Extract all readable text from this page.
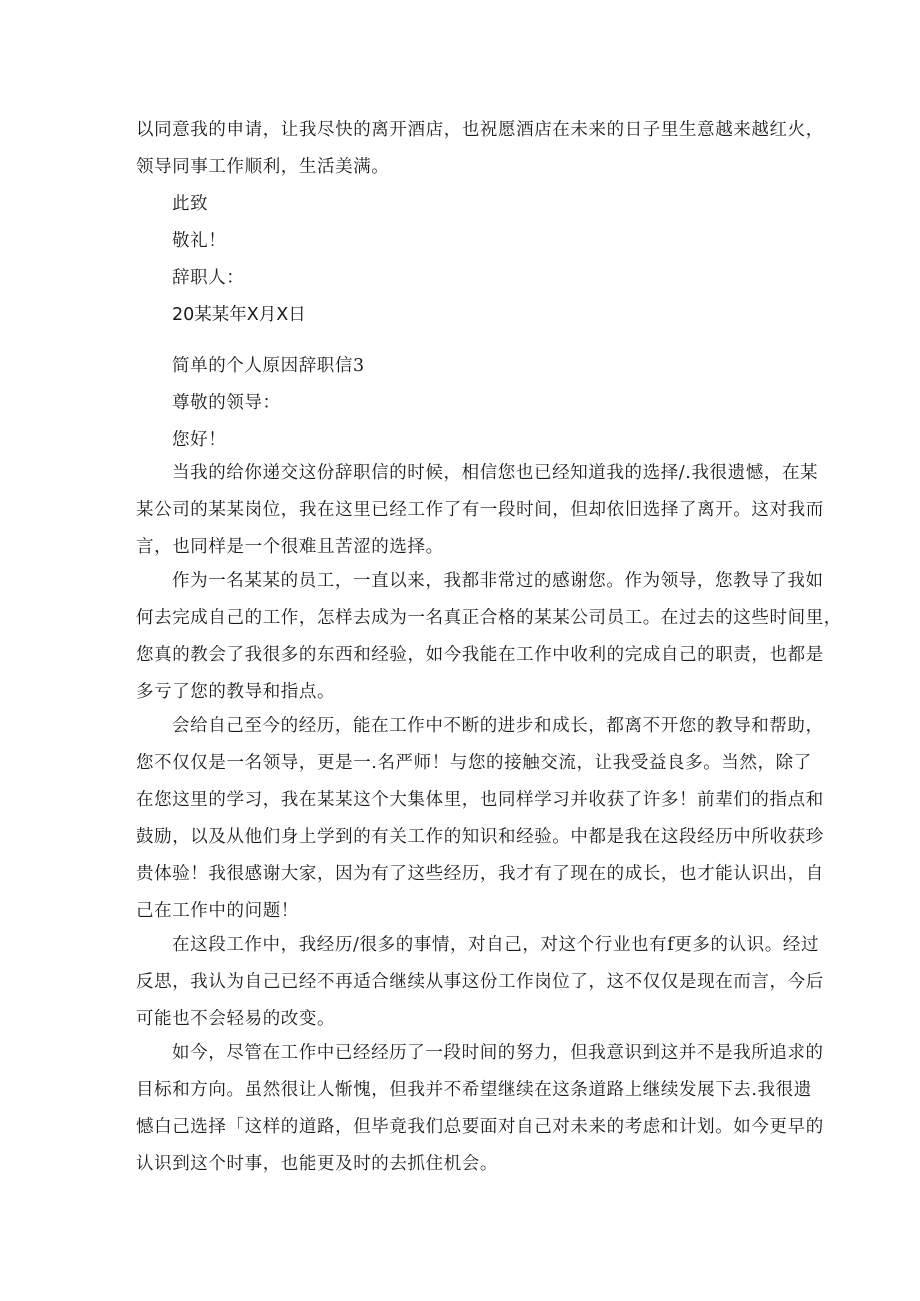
以同意我的申请，让我尽快的离开酒店，也祝愿酒店在未来的日子里生意越来越红火，
领导同事工作顺利，生活美满。
此致
敬礼！
辞职人：
20某某年X月X日
简单的个人原因辞职信3
尊敬的领导：
您好！
当我的给你递交这份辞职信的时候，相信您也已经知道我的选择/.我很遗憾，在某
某公司的某某岗位，我在这里已经工作了有一段时间，但却依旧选择了离开。这对我而
言，也同样是一个很难且苦涩的选择。
作为一名某某的员工，一直以来，我都非常过的感谢您。作为领导，您教导了我如
何去完成自己的工作，怎样去成为一名真正合格的某某公司员工。在过去的这些时间里，
您真的教会了我很多的东西和经验，如今我能在工作中收利的完成自己的职责，也都是
多亏了您的教导和指点。
会给自己至今的经历，能在工作中不断的进步和成长，都离不开您的教导和帮助，
您不仅仅是一名领导，更是一.名严师！与您的接触交流，让我受益良多。当然，除了
在您这里的学习，我在某某这个大集体里，也同样学习并收获了许多！前辈们的指点和
鼓励，以及从他们身上学到的有关工作的知识和经验。中都是我在这段经历中所收获珍
贵体验！我很感谢大家，因为有了这些经历，我才有了现在的成长，也才能认识出，自
己在工作中的问题！
在这段工作中，我经历/很多的事情，对自己，对这个行业也有f更多的认识。经过
反思，我认为自己已经不再适合继续从事这份工作岗位了，这不仅仅是现在而言，今后
可能也不会轻易的改变。
如今，尽管在工作中已经经历了一段时间的努力，但我意识到这并不是我所追求的
目标和方向。虽然很让人惭愧，但我并不希望继续在这条道路上继续发展下去.我很遗
憾白己选择「这样的道路，但毕竟我们总要面对自己对未来的考虑和计划。如今更早的
认识到这个时事，也能更及时的去抓住机会。
